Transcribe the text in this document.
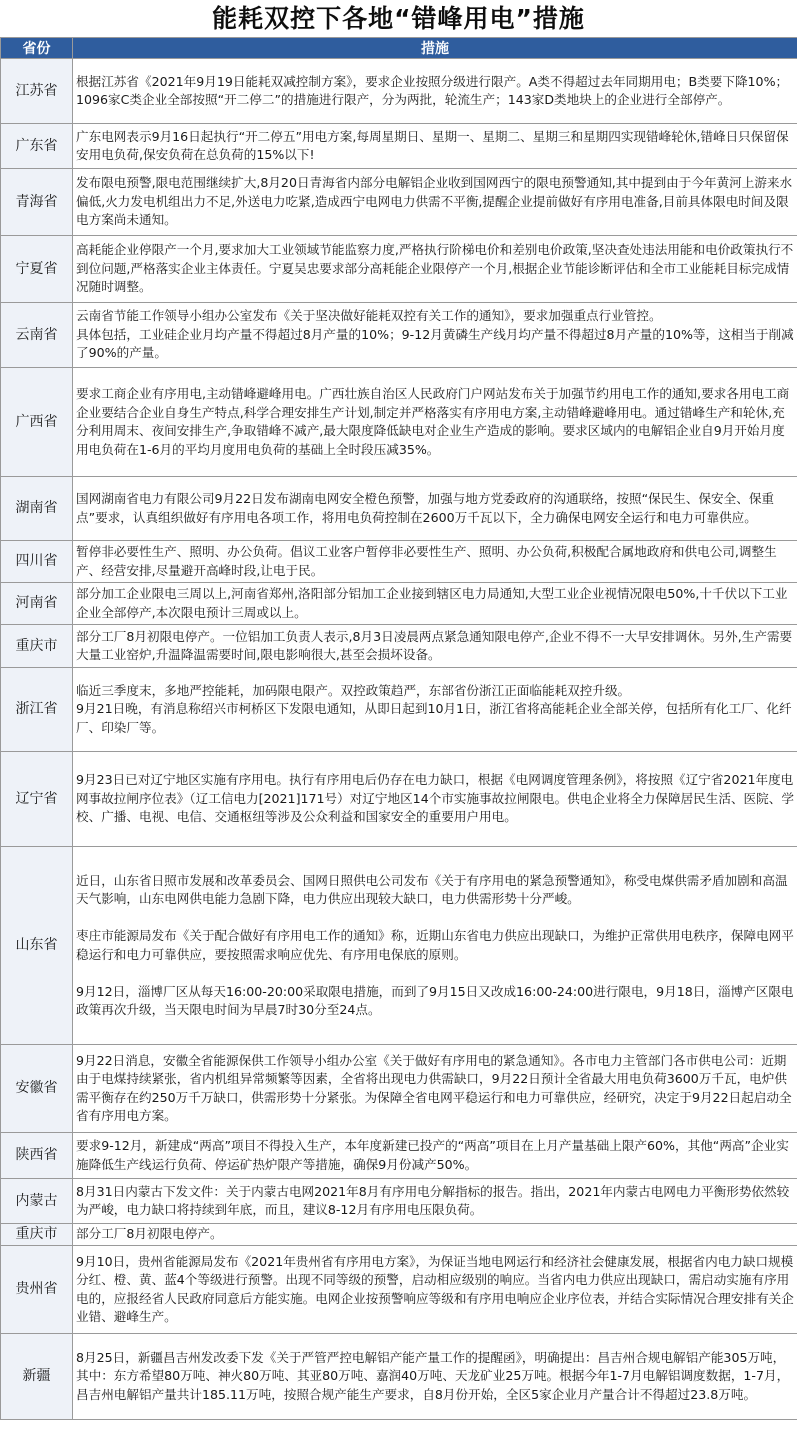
能耗双控下各地“错峰用电”措施
省份	措施
江苏省	根据江苏省《2021年9月19日能耗双减控制方案》，要求企业按照分级进行限产。A类不得超过去年同期用电；B类要下降10%；1096家C类企业全部按照“开二停二”的措施进行限产，分为两批，轮流生产；143家D类地块上的企业进行全部停产。
广东省	广东电网表示9月16日起执行“开二停五”用电方案,每周星期日、星期一、星期二、星期三和星期四实现错峰轮休,错峰日只保留保安用电负荷,保安负荷在总负荷的15%以下!
青海省	发布限电预警,限电范围继续扩大,8月20日青海省内部分电解铝企业收到国网西宁的限电预警通知,其中提到由于今年黄河上游来水偏低,火力发电机组出力不足,外送电力吃紧,造成西宁电网电力供需不平衡,提醒企业提前做好有序用电准备,目前具体限电时间及限电方案尚未通知。
宁夏省	高耗能企业停限产一个月,要求加大工业领域节能监察力度,严格执行阶梯电价和差别电价政策,坚决查处违法用能和电价政策执行不到位问题,严格落实企业主体责任。宁夏吴忠要求部分高耗能企业限停产一个月,根据企业节能诊断评估和全市工业能耗目标完成情况随时调整。
云南省	云南省节能工作领导小组办公室发布《关于坚决做好能耗双控有关工作的通知》，要求加强重点行业管控。
具体包括，工业硅企业月均产量不得超过8月产量的10%；9-12月黄磷生产线月均产量不得超过8月产量的10%等，这相当于削减了90%的产量。
广西省	要求工商企业有序用电,主动错峰避峰用电。广西壮族自治区人民政府门户网站发布关于加强节约用电工作的通知,要求各用电工商企业要结合企业自身生产特点,科学合理安排生产计划,制定并严格落实有序用电方案,主动错峰避峰用电。通过错峰生产和轮休,充分利用周末、夜间安排生产,争取错峰不减产,最大限度降低缺电对企业生产造成的影响。要求区域内的电解铝企业自9月开始月度用电负荷在1-6月的平均月度用电负荷的基础上全时段压减35%。
湖南省	国网湖南省电力有限公司9月22日发布湖南电网安全橙色预警，加强与地方党委政府的沟通联络，按照“保民生、保安全、保重点”要求，认真组织做好有序用电各项工作，将用电负荷控制在2600万千瓦以下，全力确保电网安全运行和电力可靠供应。
四川省	暂停非必要性生产、照明、办公负荷。倡议工业客户暂停非必要性生产、照明、办公负荷,积极配合属地政府和供电公司,调整生产、经营安排,尽量避开高峰时段,让电于民。
河南省	部分加工企业限电三周以上,河南省郑州,洛阳部分铝加工企业接到辖区电力局通知,大型工业企业视情况限电50%,十千伏以下工业企业全部停产,本次限电预计三周或以上。
重庆市	部分工厂8月初限电停产。一位铝加工负责人表示,8月3日凌晨两点紧急通知限电停产,企业不得不一大早安排调休。另外,生产需要大量工业窑炉,升温降温需要时间,限电影响很大,甚至会损坏设备。
浙江省	临近三季度末，多地严控能耗，加码限电限产。双控政策趋严，东部省份浙江正面临能耗双控升级。
9月21日晚，有消息称绍兴市柯桥区下发限电通知，从即日起到10月1日，浙江省将高能耗企业全部关停，包括所有化工厂、化纤厂、印染厂等。
辽宁省	9月23日已对辽宁地区实施有序用电。执行有序用电后仍存在电力缺口，根据《电网调度管理条例》，将按照《辽宁省2021年度电网事故拉闸序位表》（辽工信电力[2021]171号）对辽宁地区14个市实施事故拉闸限电。供电企业将全力保障居民生活、医院、学校、广播、电视、电信、交通枢纽等涉及公众利益和国家安全的重要用户用电。
山东省	近日，山东省日照市发展和改革委员会、国网日照供电公司发布《关于有序用电的紧急预警通知》，称受电煤供需矛盾加剧和高温天气影响，山东电网供电能力急剧下降，电力供应出现较大缺口，电力供需形势十分严峻。

枣庄市能源局发布《关于配合做好有序用电工作的通知》称，近期山东省电力供应出现缺口，为维护正常供用电秩序，保障电网平稳运行和电力可靠供应，要按照需求响应优先、有序用电保底的原则。

9月12日，淄博厂区从每天16:00-20:00采取限电措施，而到了9月15日又改成16:00-24:00进行限电，9月18日，淄博产区限电政策再次升级，当天限电时间为早晨7时30分至24点。
安徽省	9月22日消息，安徽全省能源保供工作领导小组办公室《关于做好有序用电的紧急通知》。各市电力主管部门各市供电公司：近期由于电煤持续紧张，省内机组异常频繁等因素，全省将出现电力供需缺口，9月22日预计全省最大用电负荷3600万千瓦，电炉供需平衡存在约250万千万缺口，供需形势十分紧张。为保障全省电网平稳运行和电力可靠供应，经研究，决定于9月22日起启动全省有序用电方案。
陕西省	要求9-12月，新建成“两高”项目不得投入生产，本年度新建已投产的“两高”项目在上月产量基础上限产60%，其他“两高”企业实施降低生产线运行负荷、停运矿热炉限产等措施，确保9月份减产50%。
内蒙古	8月31日内蒙古下发文件：关于内蒙古电网2021年8月有序用电分解指标的报告。指出，2021年内蒙古电网电力平衡形势依然较为严峻，电力缺口将持续到年底，而且，建议8-12月有序用电压限负荷。
重庆市	部分工厂8月初限电停产。
贵州省	9月10日，贵州省能源局发布《2021年贵州省有序用电方案》，为保证当地电网运行和经济社会健康发展，根据省内电力缺口规模分红、橙、黄、蓝4个等级进行预警。出现不同等级的预警，启动相应级别的响应。当省内电力供应出现缺口，需启动实施有序用电的，应报经省人民政府同意后方能实施。电网企业按预警响应等级和有序用电响应企业序位表，并结合实际情况合理安排有关企业错、避峰生产。
新疆	8月25日，新疆昌吉州发改委下发《关于严管严控电解铝产能产量工作的提醒函》，明确提出：昌吉州合规电解铝产能305万吨，其中：东方希望80万吨、神火80万吨、其亚80万吨、嘉润40万吨、天龙矿业25万吨。根据今年1-7月电解铝调度数据，1-7月，昌吉州电解铝产量共计185.11万吨，按照合规产能生产要求，自8月份开始，全区5家企业月产量合计不得超过23.8万吨。
